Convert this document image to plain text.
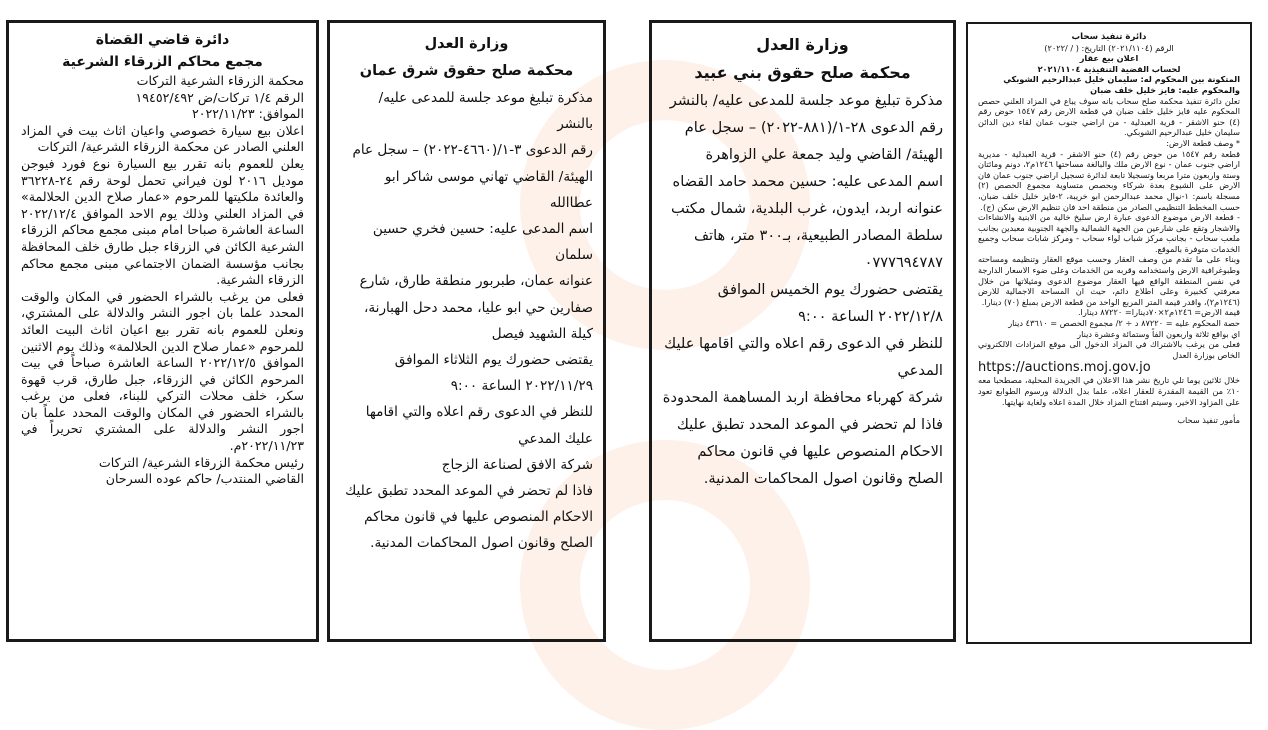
دائرة تنفيذ سحاب
الرقم (٢٠٢١/١١٠٤) التاريخ: ( / /٢٠٢٢)
اعلان بيع عقار
لحساب القضية التنفيذية ٢٠٢١/١١٠٤
المتكونة بين المحكوم له: سليمان خليل عبدالرحيم الشوبكي
والمحكوم عليه: فايز خليل خلف ضبان

تعلن دائرة تنفيذ محكمة صلح سحاب بانه سوف يباع في المزاد العلني حصص المحكوم عليه فايز خليل خلف ضبان في قطعة الارض رقم ١٥٤٧ حوض رقم (٤) حنو الاشقر - قرية العبدلية - من اراضي جنوب عمان لقاء دين الدائن سليمان خليل عبدالرحيم الشوبكي.

* وصف قطعة الارض:

قطعة رقم ١٥٤٧ من حوض رقم (٤) حنو الاشقر - قرية العبدلية - مديرية اراضي جنوب عمان - نوع الارض ملك والبالغة مساحتها ١٢٤٦م٢، دونم ومائتان وستة واربعون مترا مربعا وتسجيلا تابعة لدائرة تسجيل اراضي جنوب عمان فان الارض على الشيوع بعدة شركاء وبحصص متساوية مجموع الحصص (٢) مسجلة باسم: ١-نوال محمد عبدالرحمن ابو خريبة، ٢-فايز خليل خلف ضبان، حسب المخطط التنظيمي الصادر من منطقة احد فان تنظيم الارض سكن (ج).

- قطعة الارض موضوع الدعوى عبارة ارض سليخ خالية من الابنية والانشاءات والاشجار وتقع على شارعين من الجهة الشمالية والجهة الجنوبية معبدين بجانب ملعب سحاب - بجانب مركز شباب لواء سحاب - ومركز شابات سحاب وجميع الخدمات متوفرة بالموقع.

وبناء على ما تقدم من وصف العقار وحسب موقع العقار وتنظيمه ومساحته وطبوغرافية الارض واستخدامه وقربه من الخدمات وعلى ضوء الاسعار الدارجة في نفس المنطقة الواقع فيها العقار موضوع الدعوى ومثيلاتها من خلال معرفتي كخبيرة وعلى اطلاع دائم، حيث ان المساحة الاجمالية للارض (١٢٤٦م٢)، واقدر قيمة المتر المربع الواحد من قطعة الارض بمبلغ (٧٠) دينارا.

قيمة الارض= ١٢٤٦م٢×٧٠دينارا= ٨٧٢٢٠ دينارا.

حصة المحكوم عليه = ٨٧٢٢٠ د ÷ ٢/ مجموع الحصص = ٤٣٦١٠ دينار

اي بواقع ثلاثة واربعون الفاً وستمائة وعشرة دينار

فعلى من يرغب بالاشتراك في المزاد الدخول الى موقع المزادات الالكتروني الخاص بوزارة العدل

https://auctions.moj.gov.jo

خلال ثلاثين يوما تلي تاريخ نشر هذا الاعلان في الجريدة المحلية، مصطحبا معه ١٠٪ من القيمة المقدرة للعقار اعلاه، علما بدل الدلالة ورسوم الطوابع تعود على المزاود الاخير، وسيتم افتتاح المزاد خلال المدة اعلاه ولغاية نهايتها.

مأمور تنفيذ سحاب

وزارة العدل
محكمة صلح حقوق بني عبيد

مذكرة تبليغ موعد جلسة للمدعى عليه/ بالنشر

رقم الدعوى ٢٨-١/(٨٨١-٢٠٢٢) – سجل عام

الهيئة/ القاضي وليد جمعة علي الزواهرة

اسم المدعى عليه: حسين محمد حامد القضاه

عنوانه اربد، ايدون، غرب البلدية، شمال مكتب سلطة المصادر الطبيعية، بـ٣٠٠ متر، هاتف ٠٧٧٧٦٩٤٧٨٧

يقتضى حضورك يوم الخميس الموافق ٢٠٢٢/١٢/٨ الساعة ٩:٠٠

للنظر في الدعوى رقم اعلاه والتي اقامها عليك المدعي

شركة كهرباء محافظة اربد المساهمة المحدودة

فاذا لم تحضر في الموعد المحدد تطبق عليك الاحكام المنصوص عليها في قانون محاكم الصلح وقانون اصول المحاكمات المدنية.

وزارة العدل
محكمة صلح حقوق شرق عمان

مذكرة تبليغ موعد جلسة للمدعى عليه/ بالنشر

رقم الدعوى ٣-١/(٤٦٦٠-٢٠٢٢) – سجل عام

الهيئة/ القاضي تهاني موسى شاكر ابو عطاالله

اسم المدعى عليه: حسين فخري حسين سلمان

عنوانه عمان، طبربور منطقة طارق، شارع صفارين حي ابو عليا، محمد دحل الهبارنة، كيلة الشهيد فيصل

يقتضى حضورك يوم الثلاثاء الموافق ٢٠٢٢/١١/٢٩ الساعة ٩:٠٠

للنظر في الدعوى رقم اعلاه والتي اقامها عليك المدعي

شركة الافق لصناعة الزجاج

فاذا لم تحضر في الموعد المحدد تطبق عليك الاحكام المنصوص عليها في قانون محاكم الصلح وقانون اصول المحاكمات المدنية.

دائرة قاضي القضاة
مجمع محاكم الزرقاء الشرعية

محكمة الزرقاء الشرعية التركات

الرقم ١/٤ تركات/ض ١٩٤٥٢/٤٩٢

الموافق: ٢٠٢٢/١١/٢٣

اعلان بيع سيارة خصوصي واعيان اثاث بيت في المزاد العلني الصادر عن محكمة الزرقاء الشرعية/ التركات

يعلن للعموم بانه تقرر بيع السيارة نوع فورد فيوجن موديل ٢٠١٦ لون فيراني تحمل لوحة رقم ٢٤-٣٦٢٢٨ والعائدة ملكيتها للمرحوم «عمار صلاح الدين الحلالمة» في المزاد العلني وذلك يوم الاحد الموافق ٢٠٢٢/١٢/٤ الساعة العاشرة صباحا امام مبنى مجمع محاكم الزرقاء الشرعية الكائن في الزرقاء جبل طارق خلف المحافظة بجانب مؤسسة الضمان الاجتماعي مبنى مجمع محاكم الزرقاء الشرعية.

فعلى من يرغب بالشراء الحضور في المكان والوقت المحدد علما بان اجور النشر والدلالة على المشتري، ونعلن للعموم بانه تقرر بيع اعيان اثاث البيت العائد للمرحوم «عمار صلاح الدين الحلالمة» وذلك يوم الاثنين الموافق ٢٠٢٢/١٢/٥ الساعة العاشرة صباحاً في بيت المرحوم الكائن في الزرقاء، جبل طارق، قرب قهوة سكر، خلف محلات التركي للبناء، فعلى من يرغب بالشراء الحضور في المكان والوقت المحدد علماً بان اجور النشر والدلالة على المشتري تحريراً في ٢٠٢٢/١١/٢٣م.

رئيس محكمة الزرقاء الشرعية/ التركات

القاضي المنتدب/ حاكم عوده السرحان
